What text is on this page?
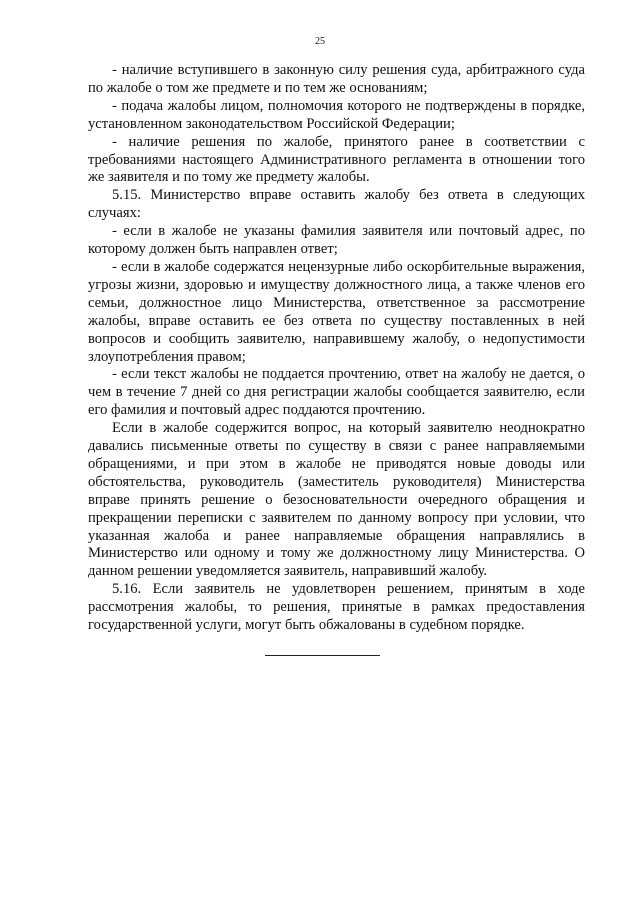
25

- наличие вступившего в законную силу решения суда, арбитражного суда по жалобе о том же предмете и по тем же основаниям;

- подача жалобы лицом, полномочия которого не подтверждены в порядке, установленном законодательством Российской Федерации;

- наличие решения по жалобе, принятого ранее в соответствии с требованиями настоящего Административного регламента в отношении того же заявителя и по тому же предмету жалобы.

5.15. Министерство вправе оставить жалобу без ответа в следующих случаях:

- если в жалобе не указаны фамилия заявителя или почтовый адрес, по которому должен быть направлен ответ;

- если в жалобе содержатся нецензурные либо оскорбительные выражения, угрозы жизни, здоровью и имуществу должностного лица, а также членов его семьи, должностное лицо Министерства, ответственное за рассмотрение жалобы, вправе оставить ее без ответа по существу поставленных в ней вопросов и сообщить заявителю, направившему жалобу, о недопустимости злоупотребления правом;

- если текст жалобы не поддается прочтению, ответ на жалобу не дается, о чем в течение 7 дней со дня регистрации жалобы сообщается заявителю, если его фамилия и почтовый адрес поддаются прочтению.

Если в жалобе содержится вопрос, на который заявителю неоднократно давались письменные ответы по существу в связи с ранее направляемыми обращениями, и при этом в жалобе не приводятся новые доводы или обстоятельства, руководитель (заместитель руководителя) Министерства вправе принять решение о безосновательности очередного обращения и прекращении переписки с заявителем по данному вопросу при условии, что указанная жалоба и ранее направляемые обращения направлялись в Министерство или одному и тому же должностному лицу Министерства. О данном решении уведомляется заявитель, направивший жалобу.

5.16. Если заявитель не удовлетворен решением, принятым в ходе рассмотрения жалобы, то решения, принятые в рамках предоставления государственной услуги, могут быть обжалованы в судебном порядке.
